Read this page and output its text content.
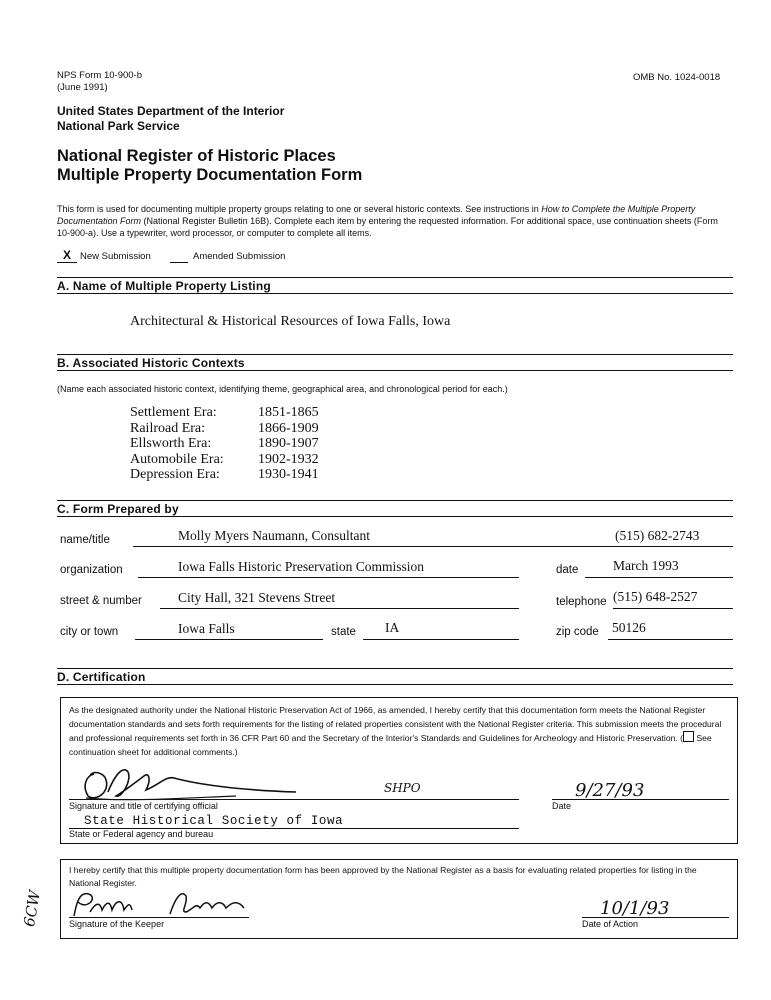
NPS Form 10-900-b
(June 1991)
OMB No. 1024-0018
United States Department of the Interior
National Park Service
National Register of Historic Places
Multiple Property Documentation Form
This form is used for documenting multiple property groups relating to one or several historic contexts. See instructions in How to Complete the Multiple Property Documentation Form (National Register Bulletin 16B). Complete each item by entering the requested information. For additional space, use continuation sheets (Form 10-900-a). Use a typewriter, word processor, or computer to complete all items.
X New Submission	Amended Submission
A. Name of Multiple Property Listing
Architectural & Historical Resources of Iowa Falls, Iowa
B. Associated Historic Contexts
(Name each associated historic context, identifying theme, geographical area, and chronological period for each.)
Settlement Era:	1851-1865
Railroad Era:	1866-1909
Ellsworth Era:	1890-1907
Automobile Era: 1902-1932
Depression Era:	1930-1941
C. Form Prepared by
name/title	Molly Myers Naumann, Consultant	(515) 682-2743
organization	Iowa Falls Historic Preservation Commission	date	March 1993
street & number	City Hall, 321 Stevens Street	telephone (515) 648-2527
city or town	Iowa Falls	state IA	zip code 50126
D. Certification
As the designated authority under the National Historic Preservation Act of 1966, as amended, I hereby certify that this documentation form meets the National Register documentation standards and sets forth requirements for the listing of related properties consistent with the National Register criteria. This submission meets the procedural and professional requirements set forth in 36 CFR Part 60 and the Secretary of the Interior's Standards and Guidelines for Archeology and Historic Preservation. ( See continuation sheet for additional comments.)
SHPO
Signature and title of certifying official
9/27/93
Date
State Historical Society of Iowa
State or Federal agency and bureau
I hereby certify that this multiple property documentation form has been approved by the National Register as a basis for evaluating related properties for listing in the National Register.
Signature of the Keeper
10/1/93
Date of Action
6CW
